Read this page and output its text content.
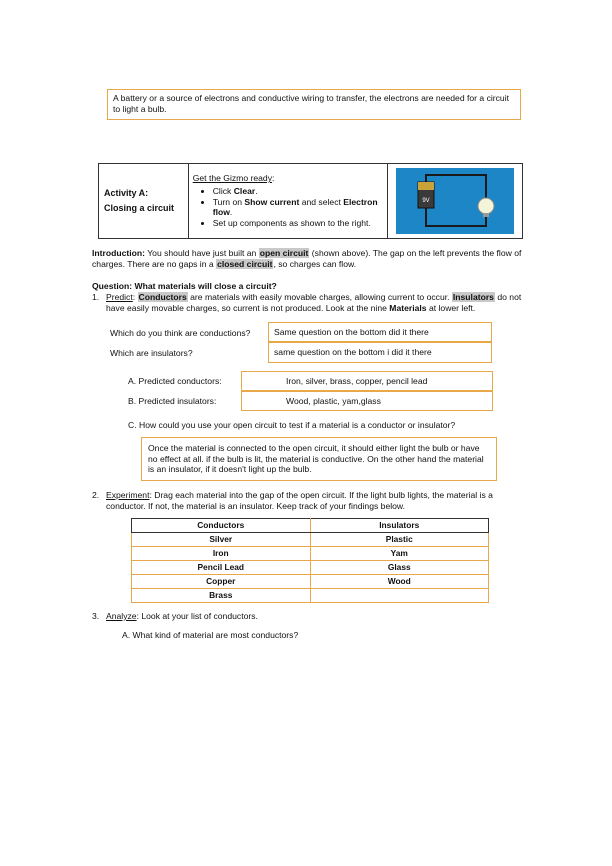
A battery or a source of electrons and conductive wiring to transfer, the electrons are needed for a circuit to light a bulb.
Activity A:
Closing a circuit

Get the Gizmo ready:
• Click Clear.
• Turn on Show current and select Electron flow.
• Set up components as shown to the right.

9V
Introduction: You should have just built an open circuit (shown above). The gap on the left prevents the flow of charges. There are no gaps in a closed circuit, so charges can flow.
Question: What materials will close a circuit?
1. Predict: Conductors are materials with easily movable charges, allowing current to occur. Insulators do not have easily movable charges, so current is not produced. Look at the nine Materials at lower left.
Which do you think are conductions?	Same question on the bottom did it there
Which are insulators?	same question on the bottom i did it there
A. Predicted conductors:	Iron, silver, brass, copper, pencil lead
B. Predicted insulators:	Wood, plastic, yam,glass
C. How could you use your open circuit to test if a material is a conductor or insulator?
Once the material is connected to the open circuit, it should either light the bulb or have no effect at all. if the bulb is lit, the material is conductive. On the other hand the material is an insulator, if it doesn't light up the bulb.
2. Experiment: Drag each material into the gap of the open circuit. If the light bulb lights, the material is a conductor. If not, the material is an insulator. Keep track of your findings below.
Conductors	Insulators
Silver	Plastic
Iron	Yam
Pencil Lead	Glass
Copper	Wood
Brass	
3. Analyze: Look at your list of conductors.
A. What kind of material are most conductors?
